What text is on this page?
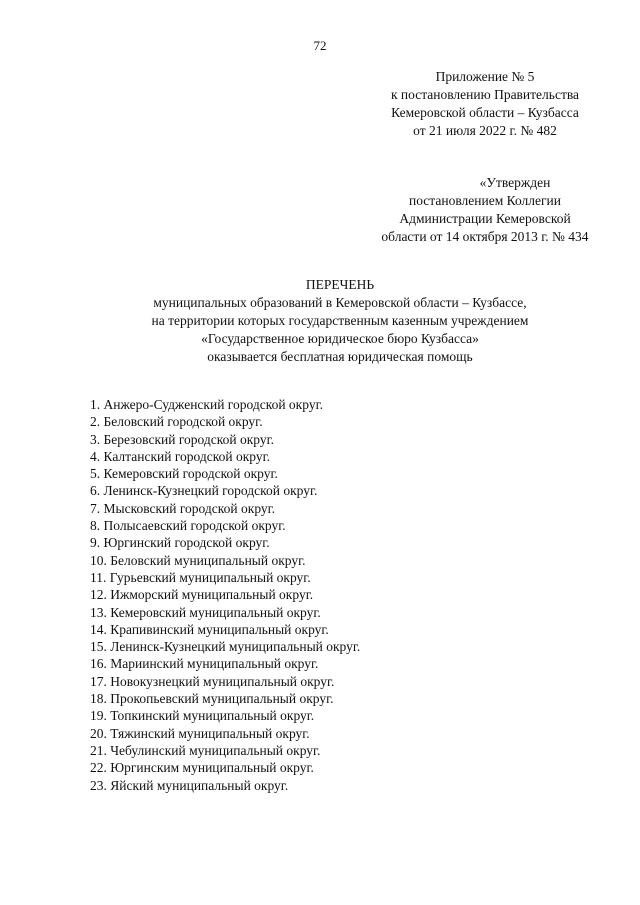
72
Приложение № 5
к постановлению Правительства
Кемеровской области – Кузбасса
от 21 июля 2022 г. № 482
«Утвержден
постановлением Коллегии
Администрации Кемеровской
области от 14 октября 2013 г. № 434
ПЕРЕЧЕНЬ
муниципальных образований в Кемеровской области – Кузбассе,
на территории которых государственным казенным учреждением
«Государственное юридическое бюро Кузбасса»
оказывается бесплатная юридическая помощь
1. Анжеро-Судженский городской округ.
2. Беловский городской округ.
3. Березовский городской округ.
4. Калтанский городской округ.
5. Кемеровский городской округ.
6. Ленинск-Кузнецкий городской округ.
7. Мысковский городской округ.
8. Полысаевский городской округ.
9. Юргинский городской округ.
10. Беловский муниципальный округ.
11. Гурьевский муниципальный округ.
12. Ижморский муниципальный округ.
13. Кемеровский муниципальный округ.
14. Крапивинский муниципальный округ.
15. Ленинск-Кузнецкий муниципальный округ.
16. Мариинский муниципальный округ.
17. Новокузнецкий муниципальный округ.
18. Прокопьевский муниципальный округ.
19. Топкинский муниципальный округ.
20. Тяжинский муниципальный округ.
21. Чебулинский муниципальный округ.
22. Юргинским муниципальный округ.
23. Яйский муниципальный округ.
